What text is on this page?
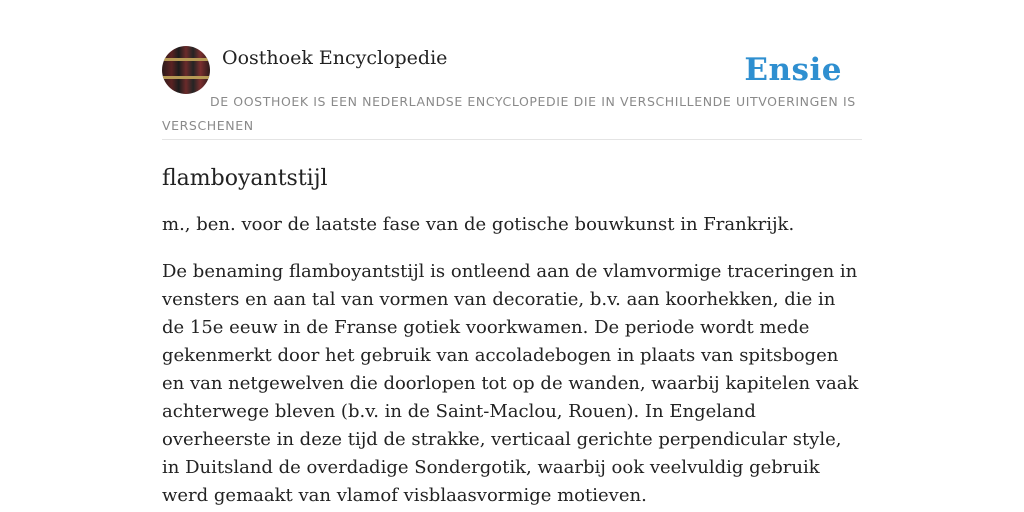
Oosthoek Encyclopedie	Ensie

DE OOSTHOEK IS EEN NEDERLANDSE ENCYCLOPEDIE DIE IN VERSCHILLENDE UITVOERINGEN IS VERSCHENEN

flamboyantstijl

m., ben. voor de laatste fase van de gotische bouwkunst in Frankrijk.

De benaming flamboyantstijl is ontleend aan de vlamvormige traceringen in vensters en aan tal van vormen van decoratie, b.v. aan koorhekken, die in de 15e eeuw in de Franse gotiek voorkwamen. De periode wordt mede gekenmerkt door het gebruik van accoladebogen in plaats van spitsbogen en van netgewelven die doorlopen tot op de wanden, waarbij kapitelen vaak achterwege bleven (b.v. in de Saint-Maclou, Rouen). In Engeland overheerste in deze tijd de strakke, verticaal gerichte perpendicular style, in Duitsland de overdadige Sondergotik, waarbij ook veelvuldig gebruik werd gemaakt van vlamof visblaasvormige motieven.
